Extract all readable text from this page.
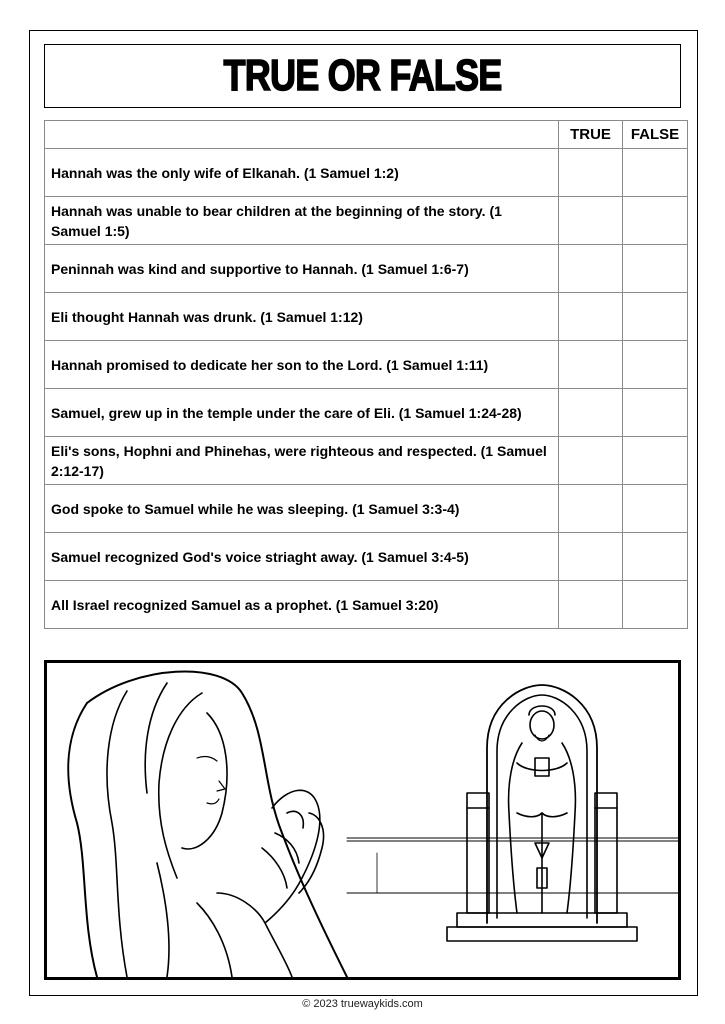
TRUE OR FALSE
	TRUE	FALSE
Hannah was the only wife of Elkanah. (1 Samuel 1:2)		
Hannah was unable to bear children at the beginning of the story. (1 Samuel 1:5)		
Peninnah was kind and supportive to Hannah. (1 Samuel 1:6-7)		
Eli thought Hannah was drunk. (1 Samuel 1:12)		
Hannah promised to dedicate her son to the Lord. (1 Samuel 1:11)		
Samuel, grew up in the temple under the care of Eli. (1 Samuel 1:24-28)		
Eli's sons, Hophni and Phinehas, were righteous and respected. (1 Samuel 2:12-17)		
God spoke to Samuel while he was sleeping. (1 Samuel 3:3-4)		
Samuel recognized God's voice striaght away. (1 Samuel 3:4-5)		
All Israel recognized Samuel as a prophet. (1 Samuel 3:20)		
© 2023 truewaykids.com
